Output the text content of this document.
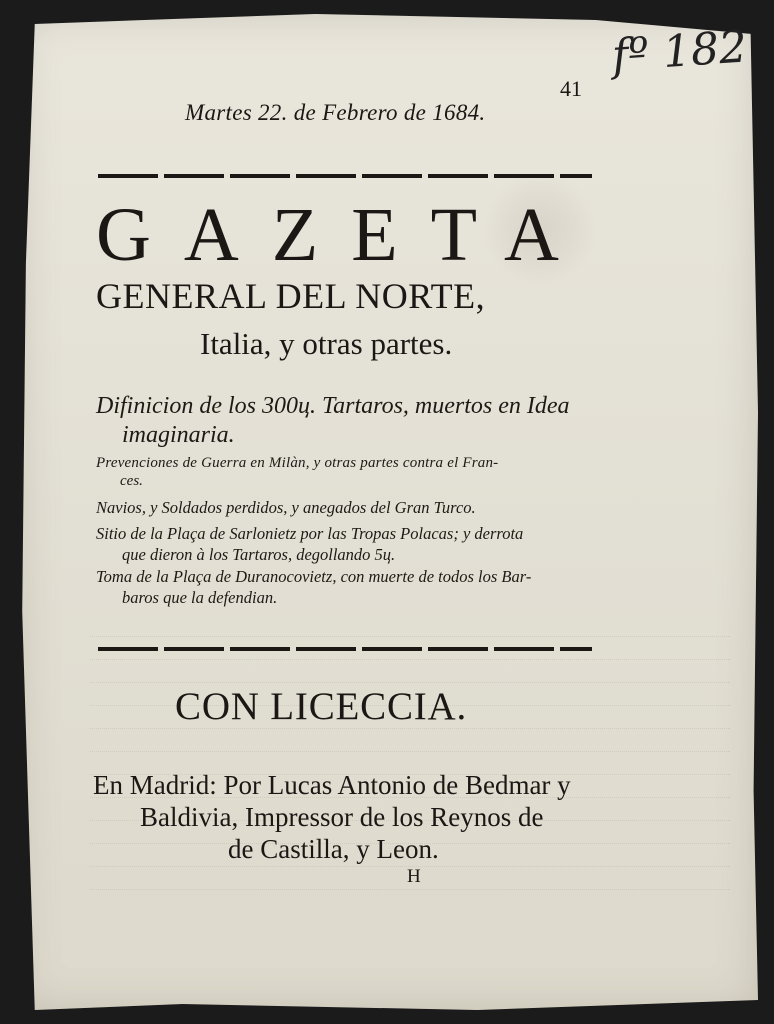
fº 182
41
Martes 22. de Febrero de 1684.
GAZETA
GENERAL DEL NORTE,
Italia, y otras partes.
Difinicion de los 300ц. Tartaros, muertos en Idea
imaginaria.
Prevenciones de Guerra en Milàn, y otras partes contra el Fran-
ces.
Navios, y Soldados perdidos, y anegados del Gran Turco.
Sitio de la Plaça de Sarlonietz por las Tropas Polacas; y derrota
que dieron à los Tartaros, degollando 5ц.
Toma de la Plaça de Duranocovietz, con muerte de todos los Bar-
baros que la defendian.
CON LICECCIA.
En Madrid: Por Lucas Antonio de Bedmar y
Baldivia, Impressor de los Reynos de
de Castilla, y Leon.
H
